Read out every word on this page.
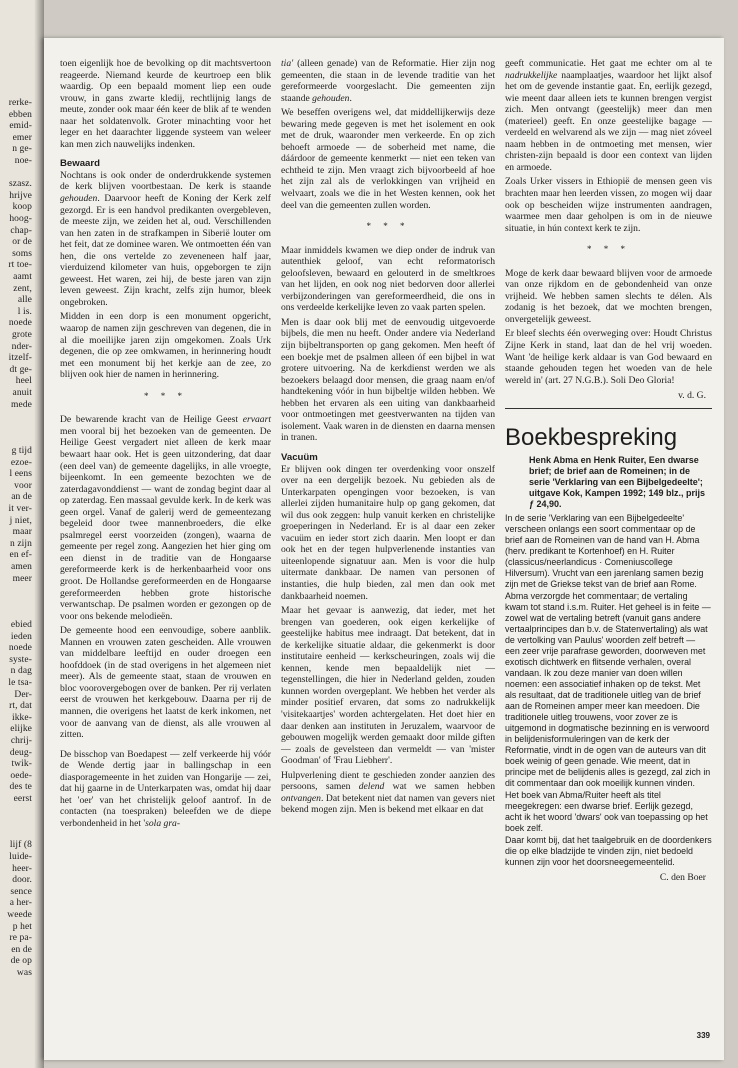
rerke-
ebben
emid-
emer
n ge-
noe-
szasz.
hrijve
koop
hoog-
chap-
or de
soms
rt toe-
aamt
zent,
alle
l is.
noede
grote
nder-
itzelf-
dt ge-
heel
anuit
mede
g tijd
ezoe-
l eens
voor
an de
it ver-
j niet,
maar
n zijn
en ef-
amen
meer
ebied
ieden
noede
syste-
n dag
le tsa-
Der-
rt, dat
ikke-
elijke
chrij-
deug-
twik-
oede-
des te
eerst
lijf (8
luide-
heer-
door.
sence
a her-
weede
p het
re pa-
en de
de op
was

toen eigenlijk hoe de bevolking op dit machtsvertoon reageerde. Niemand keurde de keurtroep een blik waardig. Op een bepaald moment liep een oude vrouw, in gans zwarte kledij, rechtlijnig langs de meute, zonder ook maar één keer de blik af te wenden naar het soldatenvolk. Groter minachting voor het leger en het daarachter liggende systeem van weleer kan men zich nauwelijks indenken.

Bewaard

Nochtans is ook onder de onderdrukkende systemen de kerk blijven voortbestaan. De kerk is staande gehouden. Daarvoor heeft de Koning der Kerk zelf gezorgd. Er is een handvol predikanten overgebleven, de meeste zijn, we zeiden het al, oud. Verschillenden van hen zaten in de strafkampen in Siberië louter om het feit, dat ze dominee waren. We ontmoetten één van hen, die ons vertelde zo zeveneneen half jaar, vierduizend kilometer van huis, opgeborgen te zijn geweest. Het waren, zei hij, de beste jaren van zijn leven geweest. Zijn kracht, zelfs zijn humor, bleek ongebroken.

Midden in een dorp is een monument opgericht, waarop de namen zijn geschreven van degenen, die in al die moeilijke jaren zijn omgekomen. Zoals Urk degenen, die op zee omkwamen, in herinnering houdt met een monument bij het kerkje aan de zee, zo blijven ook hier de namen in herinnering.

* * *

De bewarende kracht van de Heilige Geest ervaart men vooral bij het bezoeken van de gemeenten. De Heilige Geest vergadert niet alleen de kerk maar bewaart haar ook. Het is geen uitzondering, dat daar (een deel van) de gemeente dagelijks, in alle vroegte, bijeenkomt. In een gemeente bezochten we de zaterdagavonddienst — want de zondag begint daar al op zaterdag. Een massaal gevulde kerk. In de kerk was geen orgel. Vanaf de galerij werd de gemeentezang begeleid door twee mannenbroeders, die elke psalmregel eerst voorzeiden (zongen), waarna de gemeente per regel zong. Aangezien het hier ging om een dienst in de traditie van de Hongaarse gereformeerde kerk is de herkenbaarheid voor ons groot. De Hollandse gereformeerden en de Hongaarse gereformeerden hebben grote historische verwantschap. De psalmen worden er gezongen op de voor ons bekende melodieën.

De gemeente hood een eenvoudige, sobere aanblik. Mannen en vrouwen zaten gescheiden. Alle vrouwen van middelbare leeftijd en ouder droegen een hoofddoek (in de stad overigens in het algemeen niet meer). Als de gemeente staat, staan de vrouwen en bloc voorovergebogen over de banken. Per rij verlaten eerst de vrouwen het kerkgebouw. Daarna per rij de mannen, die overigens het laatst de kerk inkomen, net voor de aanvang van de dienst, als alle vrouwen al zitten.

De bisschop van Boedapest — zelf verkeerde hij vóór de Wende dertig jaar in ballingschap in een diasporagemeente in het zuiden van Hongarije — zei, dat hij gaarne in de Unterkarpaten was, omdat hij daar het 'oer' van het christelijk geloof aantrof. In de contacten (na toespraken) beleefden we de diepe verbondenheid in het 'sola gra-

tia' (alleen genade) van de Reformatie. Hier zijn nog gemeenten, die staan in de levende traditie van het gereformeerde voorgeslacht. Die gemeenten zijn staande gehouden.

We beseffen overigens wel, dat middellijkerwijs deze bewaring mede gegeven is met het isolement en ook met de druk, waaronder men verkeerde. En op zich behoeft armoede — de soberheid met name, die dáárdoor de gemeente kenmerkt — niet een teken van echtheid te zijn. Men vraagt zich bijvoorbeeld af hoe het zijn zal als de verlokkingen van vrijheid en welvaart, zoals we die in het Westen kennen, ook het deel van die gemeenten zullen worden.

* * *

Maar inmiddels kwamen we diep onder de indruk van autenthiek geloof, van echt reformatorisch geloofsleven, bewaard en gelouterd in de smeltkroes van het lijden, en ook nog niet bedorven door allerlei verbijzonderingen van gereformeerdheid, die ons in ons verdeelde kerkelijke leven zo vaak parten spelen.

Men is daar ook blij met de eenvoudig uitgevoerde bijbels, die men nu heeft. Onder andere via Nederland zijn bijbeltransporten op gang gekomen. Men heeft óf een boekje met de psalmen alleen óf een bijbel in wat grotere uitvoering. Na de kerkdienst werden we als bezoekers belaagd door mensen, die graag naam en/of handtekening vóór in hun bijbeltje wilden hebben. We hebben het ervaren als een uiting van dankbaarheid voor ontmoetingen met geestverwanten na tijden van isolement. Vaak waren in de diensten en daarna mensen in tranen.

Vacuüm

Er blijven ook dingen ter overdenking voor onszelf over na een dergelijk bezoek. Nu gebieden als de Unterkarpaten opengingen voor bezoeken, is van allerlei zijden humanitaire hulp op gang gekomen, dat wil dus ook zeggen: hulp vanuit kerken en christelijke groeperingen in Nederland. Er is al daar een zeker vacuüm en ieder stort zich daarin. Men loopt er dan ook het en der tegen hulpverlenende instanties van uiteenlopende signatuur aan. Men is voor die hulp uitermate dankbaar. De namen van personen of instanties, die hulp bieden, zal men dan ook met dankbaarheid noemen.

Maar het gevaar is aanwezig, dat ieder, met het brengen van goederen, ook eigen kerkelijke of geestelijke habitus mee indraagt. Dat betekent, dat in de kerkelijke situatie aldaar, die gekenmerkt is door institutaire eenheid — kerkscheuringen, zoals wij die kennen, kende men bepaaldelijk niet — tegenstellingen, die hier in Nederland gelden, zouden kunnen worden overgeplant. We hebben het verder als minder positief ervaren, dat soms zo nadrukkelijk 'visitekaartjes' worden achtergelaten. Het doet hier en daar denken aan instituten in Jeruzalem, waarvoor de gebouwen mogelijk werden gemaakt door milde giften — zoals de gevelsteen dan vermeldt — van 'mister Goodman' of 'Frau Liebherr'.

Hulpverlening dient te geschieden zonder aanzien des persoons, samen delend wat we samen hebben ontvangen. Dat betekent niet dat namen van gevers niet bekend mogen zijn. Men is bekend met elkaar en dat

geeft communicatie. Het gaat me echter om al te nadrukkelijke naamplaatjes, waardoor het lijkt alsof het om de gevende instantie gaat. En, eerlijk gezegd, wie meent daar alleen iets te kunnen brengen vergist zich. Men ontvangt (geestelijk) meer dan men (materieel) geeft. En onze geestelijke bagage — verdeeld en welvarend als we zijn — mag niet zóveel naam hebben in de ontmoeting met mensen, wier christen-zijn bepaald is door een context van lijden en armoede.

Zoals Urker vissers in Ethiopië de mensen geen vis brachten maar hen leerden vissen, zo mogen wij daar ook op bescheiden wijze instrumenten aandragen, waarmee men daar geholpen is om in de nieuwe situatie, in hún context kerk te zijn.

* * *

Moge de kerk daar bewaard blijven voor de armoede van onze rijkdom en de gebondenheid van onze vrijheid. We hebben samen slechts te délen. Als zodanig is het bezoek, dat we mochten brengen, onvergetelijk geweest.

Er bleef slechts één overweging over: Houdt Christus Zijne Kerk in stand, laat dan de hel vrij woeden. Want 'de heilige kerk aldaar is van God bewaard en staande gehouden tegen het woeden van de hele wereld in' (art. 27 N.G.B.). Soli Deo Gloria!

v. d. G.
Boekbespreking

Henk Abma en Henk Ruiter, Een dwarse brief; de brief aan de Romeinen; in de serie 'Verklaring van een Bijbelgedeelte'; uitgave Kok, Kampen 1992; 149 blz., prijs ƒ 24,90.

In de serie 'Verklaring van een Bijbelgedeelte' verscheen onlangs een soort commentaar op de brief aan de Romeinen van de hand van H. Abma (herv. predikant te Kortenhoef) en H. Ruiter (classicus/neerlandicus · Comeniuscollege Hilversum). Vrucht van een jarenlang samen bezig zijn met de Griekse tekst van de brief aan Rome.

Abma verzorgde het commentaar; de vertaling kwam tot stand i.s.m. Ruiter. Het geheel is in feite — zowel wat de vertaling betreft (vanuit gans andere vertaalprincipes dan b.v. de Statenvertaling) als wat de vertolking van Paulus' woorden zelf betreft — een zeer vrije parafrase geworden, doorweven met exotisch dichtwerk en flitsende verhalen, overal vandaan. Ik zou deze manier van doen willen noemen: een associatief inhaken op de tekst. Met als resultaat, dat de traditionele uitleg van de brief aan de Romeinen amper meer kan meedoen. Die traditionele uitleg trouwens, voor zover ze is uitgemond in dogmatische bezinning en is verwoord in belijdenisformuleringen van de kerk der Reformatie, vindt in de ogen van de auteurs van dit boek weinig of geen genade. Wie meent, dat in principe met de belijdenis alles is gezegd, zal zich in dit commentaar dan ook moeilijk kunnen vinden.

Het boek van Abma/Ruiter heeft als titel meegekregen: een dwarse brief. Eerlijk gezegd, acht ik het woord 'dwars' ook van toepassing op het boek zelf.

Daar komt bij, dat het taalgebruik en de doordenkers die op elke bladzijde te vinden zijn, niet bedoeld kunnen zijn voor het doorsneegemeentelid.

C. den Boer
339
